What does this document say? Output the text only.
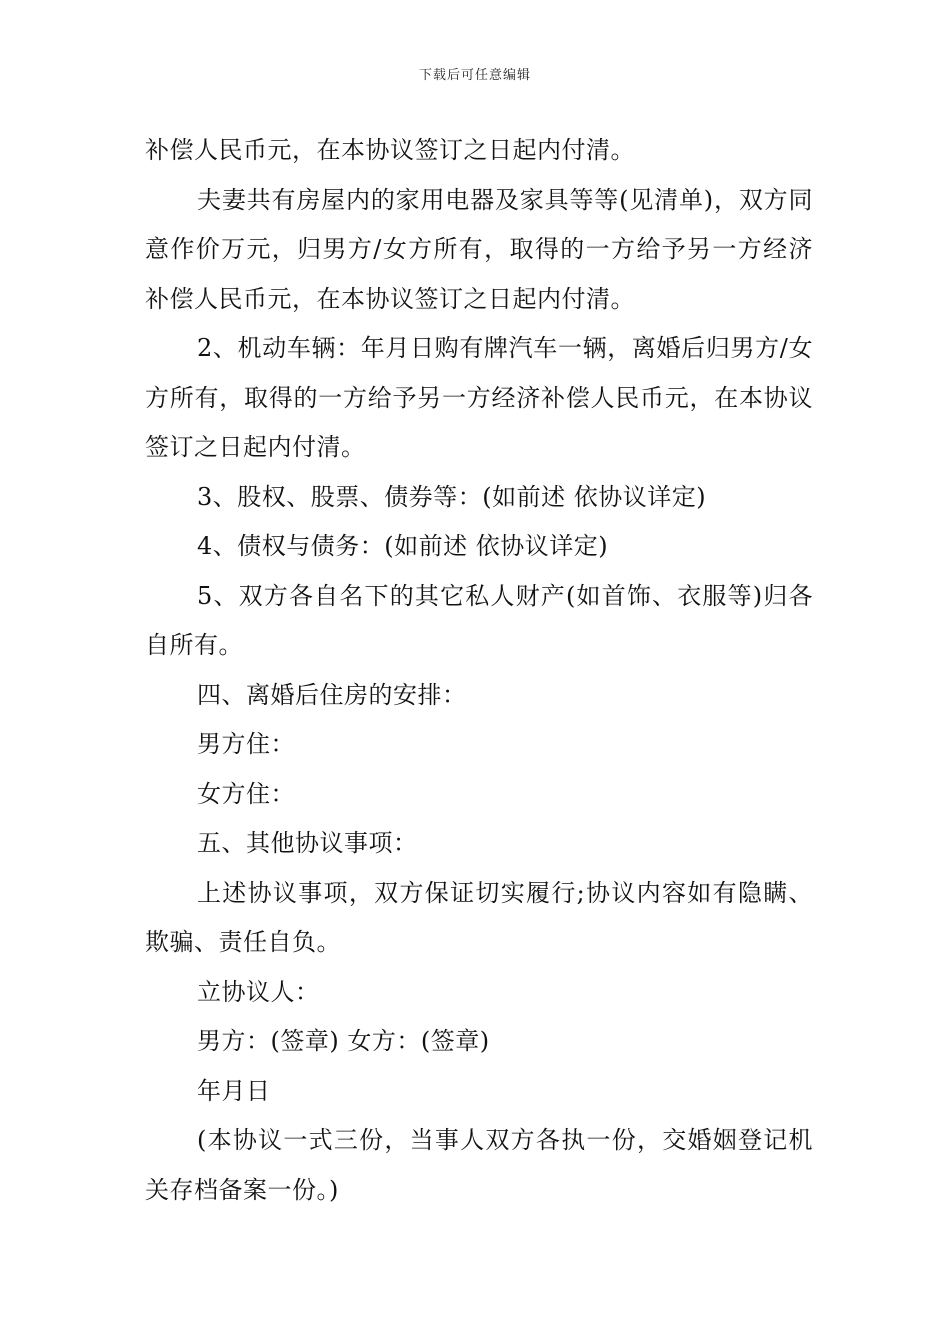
下载后可任意编辑

补偿人民币元，在本协议签订之日起内付清。

夫妻共有房屋内的家用电器及家具等等(见清单)，双方同意作价万元，归男方/女方所有，取得的一方给予另一方经济补偿人民币元，在本协议签订之日起内付清。

2、机动车辆：年月日购有牌汽车一辆，离婚后归男方/女方所有，取得的一方给予另一方经济补偿人民币元，在本协议签订之日起内付清。

3、股权、股票、债券等：(如前述 依协议详定)

4、债权与债务：(如前述 依协议详定)

5、双方各自名下的其它私人财产(如首饰、衣服等)归各自所有。

四、离婚后住房的安排：

男方住：

女方住：

五、其他协议事项：

上述协议事项，双方保证切实履行;协议内容如有隐瞒、欺骗、责任自负。

立协议人：

男方：(签章) 女方：(签章)

年月日

(本协议一式三份，当事人双方各执一份，交婚姻登记机关存档备案一份。)
